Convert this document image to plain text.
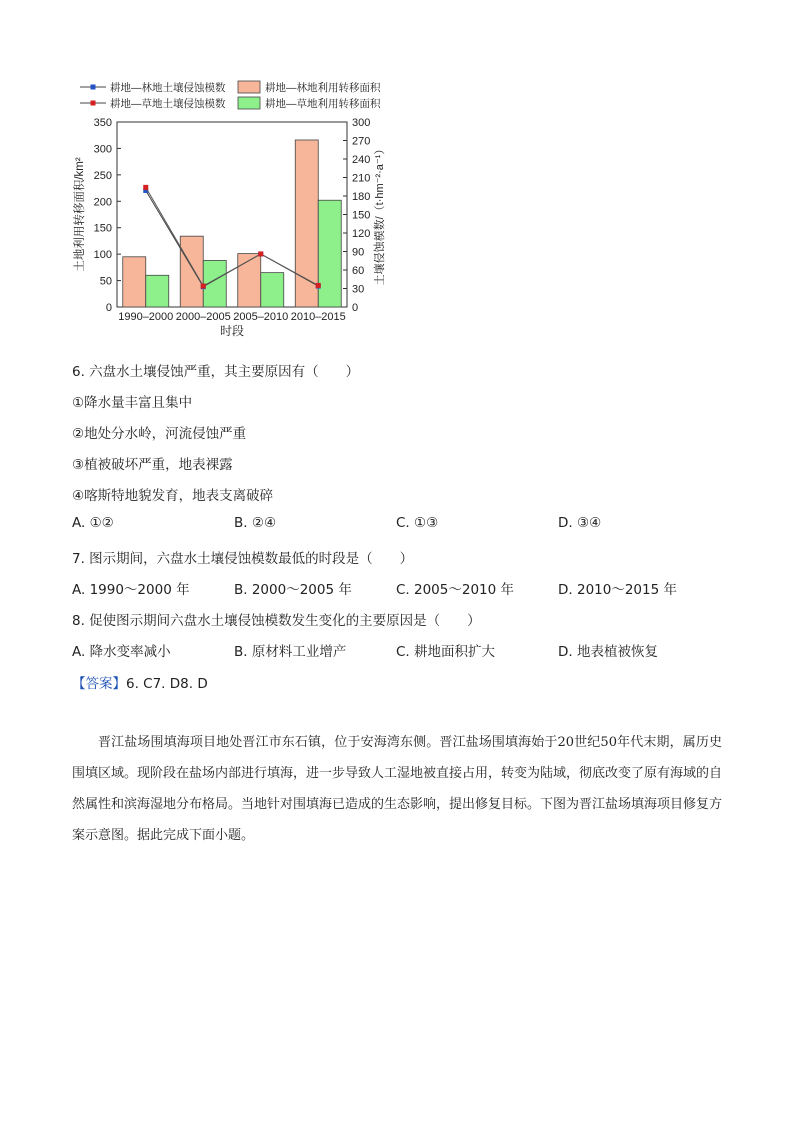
耕地—林地土壤侵蚀模数
耕地—草地土壤侵蚀模数
耕地—林地利用转移面积
耕地—草地利用转移面积
0
50
100
150
200
250
300
350
0
30
60
90
120
150
180
210
240
270
300
1990–2000 2000–2005 2005–2010 2010–2015
时段
土地利用转移面积/km²	土壤侵蚀模数/（t·hm⁻²·a⁻¹）
6. 六盘水土壤侵蚀严重，其主要原因有（　　）
①降水量丰富且集中
②地处分水岭，河流侵蚀严重
③植被破坏严重，地表裸露
④喀斯特地貌发育，地表支离破碎
A. ①②	B. ②④	C. ①③	D. ③④
7. 图示期间，六盘水土壤侵蚀模数最低的时段是（　　）
A. 1990～2000 年	B. 2000～2005 年	C. 2005～2010 年	D. 2010～2015 年
8. 促使图示期间六盘水土壤侵蚀模数发生变化的主要原因是（　　）
A. 降水变率减小	B. 原材料工业增产	C. 耕地面积扩大	D. 地表植被恢复
【答案】6. C7. D8. D

晋江盐场围填海项目地处晋江市东石镇，位于安海湾东侧。晋江盐场围填海始于20世纪50年代末期，属历史围填区域。现阶段在盐场内部进行填海，进一步导致人工湿地被直接占用，转变为陆域，彻底改变了原有海域的自然属性和滨海湿地分布格局。当地针对围填海已造成的生态影响，提出修复目标。下图为晋江盐场填海项目修复方案示意图。据此完成下面小题。
